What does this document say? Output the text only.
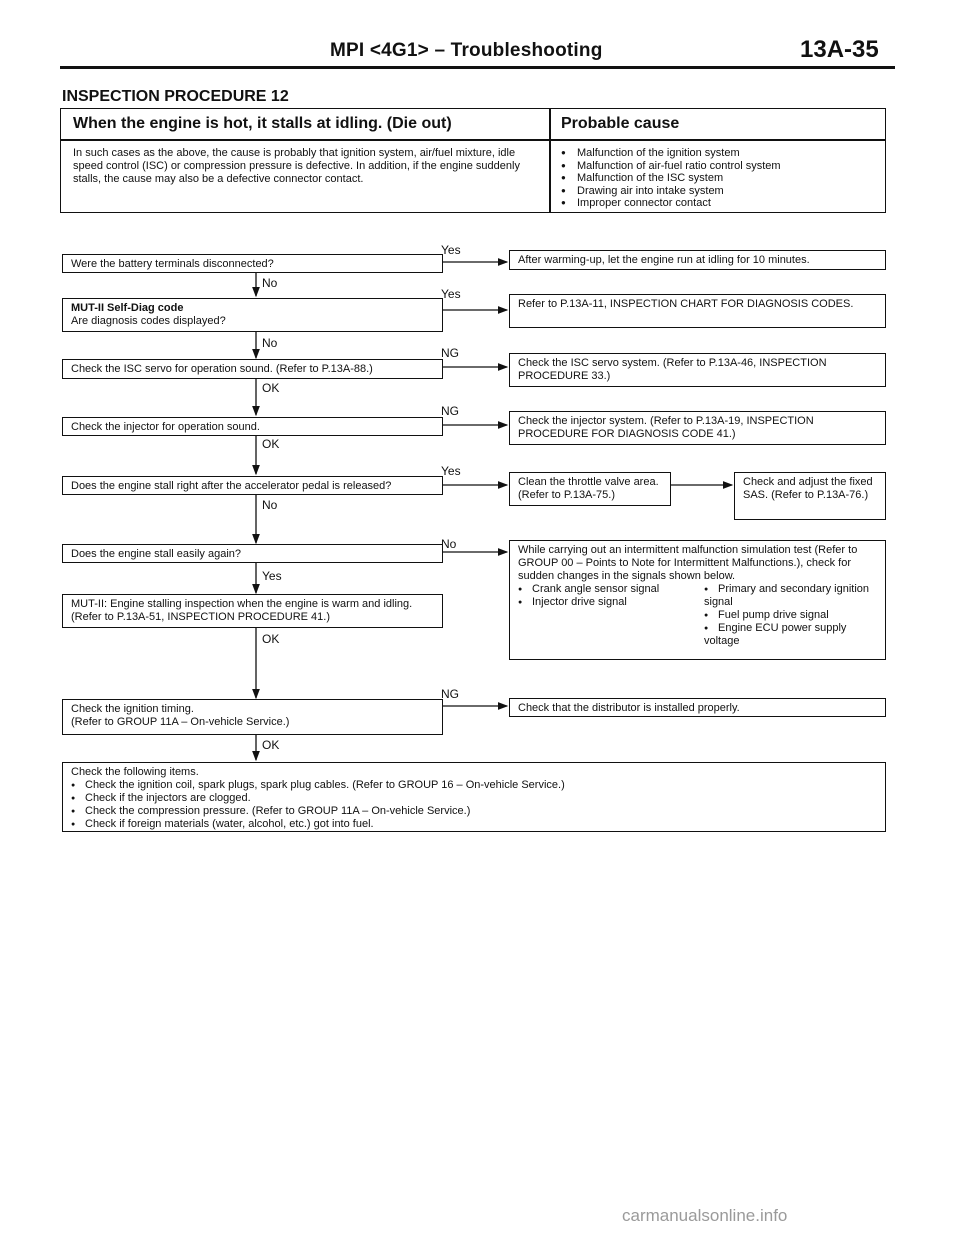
MPI <4G1> – Troubleshooting	13A-35
INSPECTION PROCEDURE 12
When the engine is hot, it stalls at idling. (Die out)	Probable cause
In such cases as the above, the cause is probably that ignition system, air/fuel mixture, idle speed control (ISC) or compression pressure is defective. In addition, if the engine suddenly stalls, the cause may also be a defective connector contact.
● Malfunction of the ignition system
● Malfunction of air-fuel ratio control system
● Malfunction of the ISC system
● Drawing air into intake system
● Improper connector contact
Were the battery terminals disconnected?	After warming-up, let the engine run at idling for 10 minutes.
MUT-II Self-Diag code
Are diagnosis codes displayed?
Refer to P.13A-11, INSPECTION CHART FOR DIAGNOSIS CODES.
Check the ISC servo for operation sound. (Refer to P.13A-88.)	Check the ISC servo system. (Refer to P.13A-46, INSPECTION PROCEDURE 33.)
Check the injector for operation sound.	Check the injector system. (Refer to P.13A-19, INSPECTION PROCEDURE FOR DIAGNOSIS CODE 41.)
Does the engine stall right after the accelerator pedal is released?	Clean the throttle valve area. (Refer to P.13A-75.)
Check and adjust the fixed SAS. (Refer to P.13A-76.)
Does the engine stall easily again?	While carrying out an intermittent malfunction simulation test (Refer to GROUP 00 – Points to Note for Intermittent Malfunctions.), check for sudden changes in the signals shown below.
● Crank angle sensor signal
● Injector drive signal
● Primary and secondary ignition signal
● Fuel pump drive signal
● Engine ECU power supply voltage
MUT-II: Engine stalling inspection when the engine is warm and idling. (Refer to P.13A-51, INSPECTION PROCEDURE 41.)
Check the ignition timing.
(Refer to GROUP 11A – On-vehicle Service.)
Check that the distributor is installed properly.
Check the following items.
● Check the ignition coil, spark plugs, spark plug cables. (Refer to GROUP 16 – On-vehicle Service.)
● Check if the injectors are clogged.
● Check the compression pressure. (Refer to GROUP 11A – On-vehicle Service.)
● Check if foreign materials (water, alcohol, etc.) got into fuel.
Yes
No
Yes
No
NG
OK
NG
OK
Yes
No
No
Yes
OK
NG
OK
carmanualsonline.info
